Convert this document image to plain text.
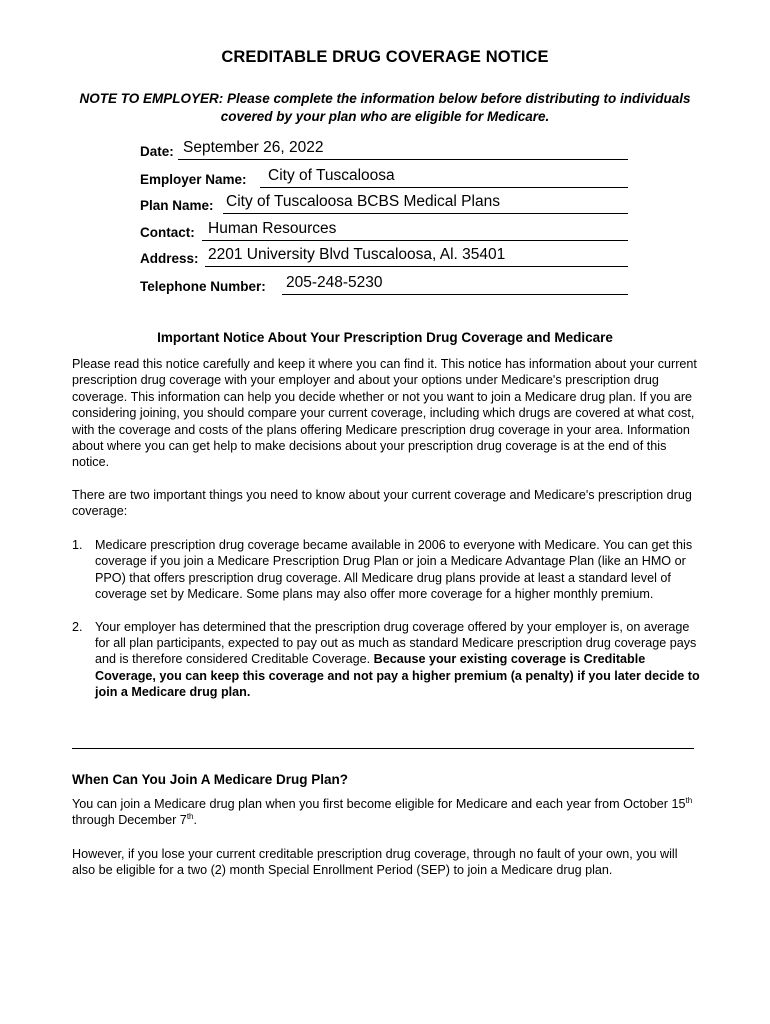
CREDITABLE DRUG COVERAGE NOTICE
NOTE TO EMPLOYER: Please complete the information below before distributing to individuals covered by your plan who are eligible for Medicare.
Date: September 26, 2022
Employer Name: City of Tuscaloosa
Plan Name: City of Tuscaloosa BCBS Medical Plans
Contact: Human Resources
Address: 2201 University Blvd Tuscaloosa, Al. 35401
Telephone Number: 205-248-5230
Important Notice About Your Prescription Drug Coverage and Medicare

Please read this notice carefully and keep it where you can find it. This notice has information about your current prescription drug coverage with your employer and about your options under Medicare's prescription drug coverage. This information can help you decide whether or not you want to join a Medicare drug plan. If you are considering joining, you should compare your current coverage, including which drugs are covered at what cost, with the coverage and costs of the plans offering Medicare prescription drug coverage in your area. Information about where you can get help to make decisions about your prescription drug coverage is at the end of this notice.

There are two important things you need to know about your current coverage and Medicare's prescription drug coverage:

1. Medicare prescription drug coverage became available in 2006 to everyone with Medicare. You can get this coverage if you join a Medicare Prescription Drug Plan or join a Medicare Advantage Plan (like an HMO or PPO) that offers prescription drug coverage. All Medicare drug plans provide at least a standard level of coverage set by Medicare. Some plans may also offer more coverage for a higher monthly premium.
2. Your employer has determined that the prescription drug coverage offered by your employer is, on average for all plan participants, expected to pay out as much as standard Medicare prescription drug coverage pays and is therefore considered Creditable Coverage. Because your existing coverage is Creditable Coverage, you can keep this coverage and not pay a higher premium (a penalty) if you later decide to join a Medicare drug plan.
When Can You Join A Medicare Drug Plan?

You can join a Medicare drug plan when you first become eligible for Medicare and each year from October 15th through December 7th.

However, if you lose your current creditable prescription drug coverage, through no fault of your own, you will also be eligible for a two (2) month Special Enrollment Period (SEP) to join a Medicare drug plan.
